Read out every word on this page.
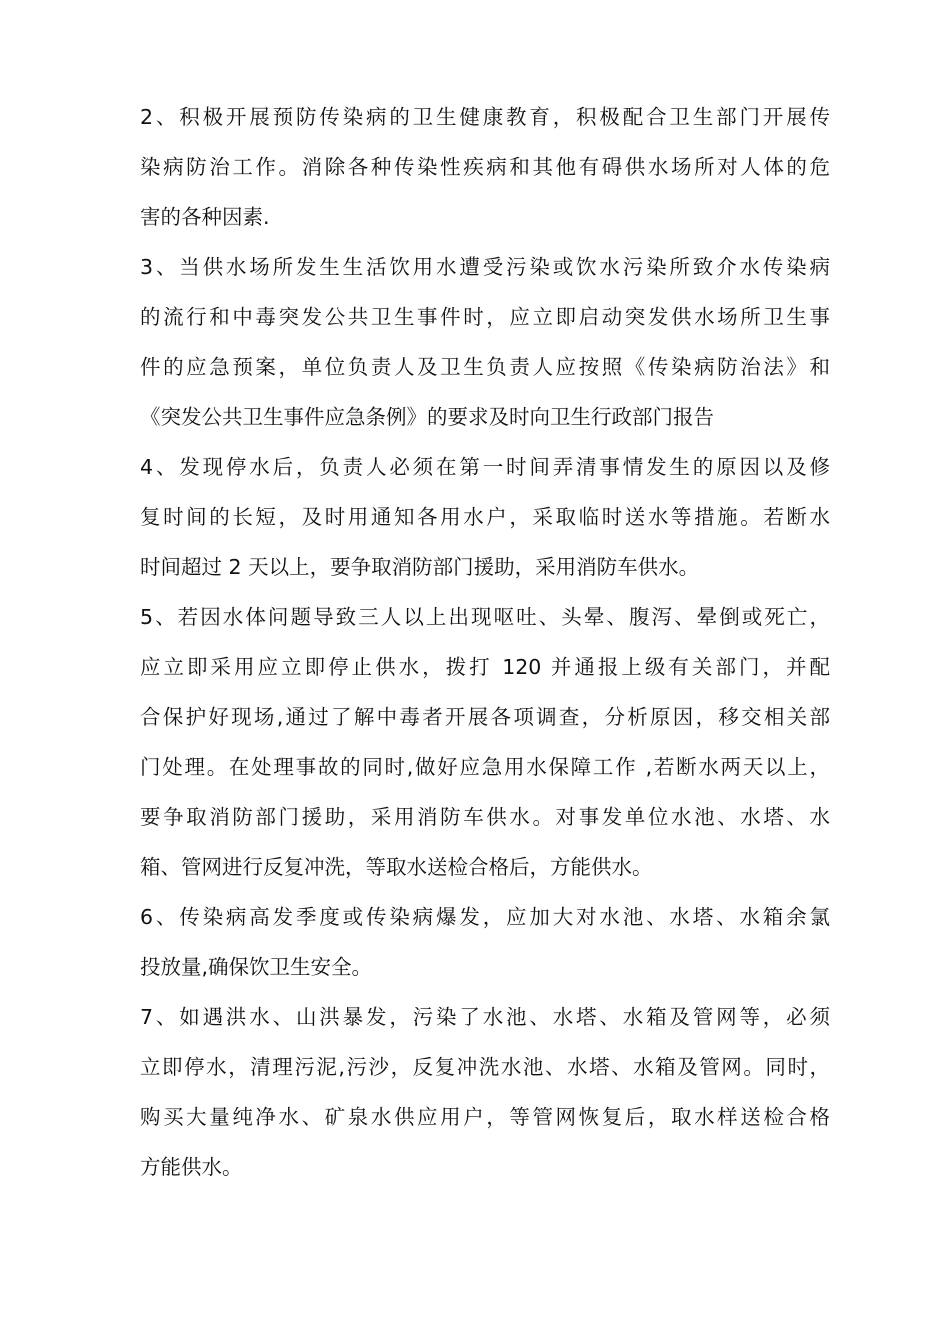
2、积极开展预防传染病的卫生健康教育，积极配合卫生部门开展传
染病防治工作。消除各种传染性疾病和其他有碍供水场所对人体的危
害的各种因素.
3、当供水场所发生生活饮用水遭受污染或饮水污染所致介水传染病
的流行和中毒突发公共卫生事件时，应立即启动突发供水场所卫生事
件的应急预案，单位负责人及卫生负责人应按照《传染病防治法》和
《突发公共卫生事件应急条例》的要求及时向卫生行政部门报告
4、发现停水后，负责人必须在第一时间弄清事情发生的原因以及修
复时间的长短，及时用通知各用水户，采取临时送水等措施。若断水
时间超过 2 天以上，要争取消防部门援助，采用消防车供水。
5、若因水体问题导致三人以上出现呕吐、头晕、腹泻、晕倒或死亡，
应立即采用应立即停止供水，拨打 120 并通报上级有关部门，并配
合保护好现场,通过了解中毒者开展各项调查，分析原因，移交相关部
门处理。在处理事故的同时,做好应急用水保障工作 ,若断水两天以上，
要争取消防部门援助，采用消防车供水。对事发单位水池、水塔、水
箱、管网进行反复冲洗，等取水送检合格后，方能供水。
6、传染病高发季度或传染病爆发，应加大对水池、水塔、水箱余氯
投放量,确保饮卫生安全。
7、如遇洪水、山洪暴发，污染了水池、水塔、水箱及管网等，必须
立即停水，清理污泥,污沙，反复冲洗水池、水塔、水箱及管网。同时，
购买大量纯净水、矿泉水供应用户，等管网恢复后，取水样送检合格
方能供水。
